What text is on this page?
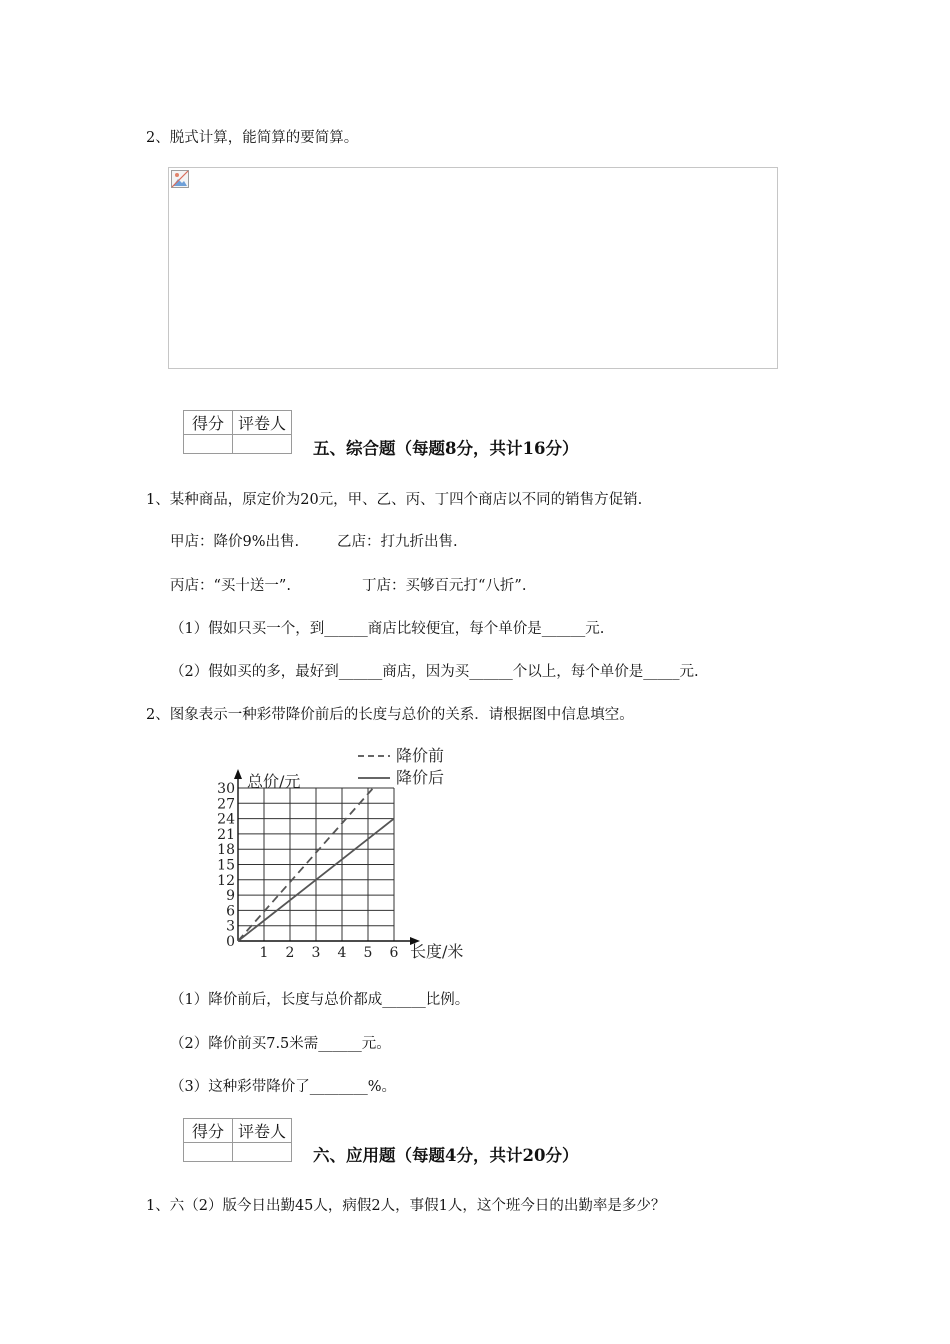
2、脱式计算，能简算的要简算。
得分	评卷人

五、综合题（每题8分，共计16分）
1、某种商品，原定价为20元，甲、乙、丙、丁四个商店以不同的销售方促销.
甲店：降价9%出售.	乙店：打九折出售.
丙店：“买十送一”.	丁店：买够百元打“八折”.
（1）假如只买一个，到______商店比较便宜，每个单价是______元.
（2）假如买的多，最好到______商店，因为买______个以上，每个单价是_____元.
2、图象表示一种彩带降价前后的长度与总价的关系．请根据图中信息填空。
0
3
6
9
12
15
18
21
24
27
30
1 2 3 4 5 6
降价前
降价后
总价/元
长度/米
（1）降价前后，长度与总价都成______比例。
（2）降价前买7.5米需______元。
（3）这种彩带降价了________%。
得分	评卷人

六、应用题（每题4分，共计20分）
1、六（2）版今日出勤45人，病假2人，事假1人，这个班今日的出勤率是多少？
